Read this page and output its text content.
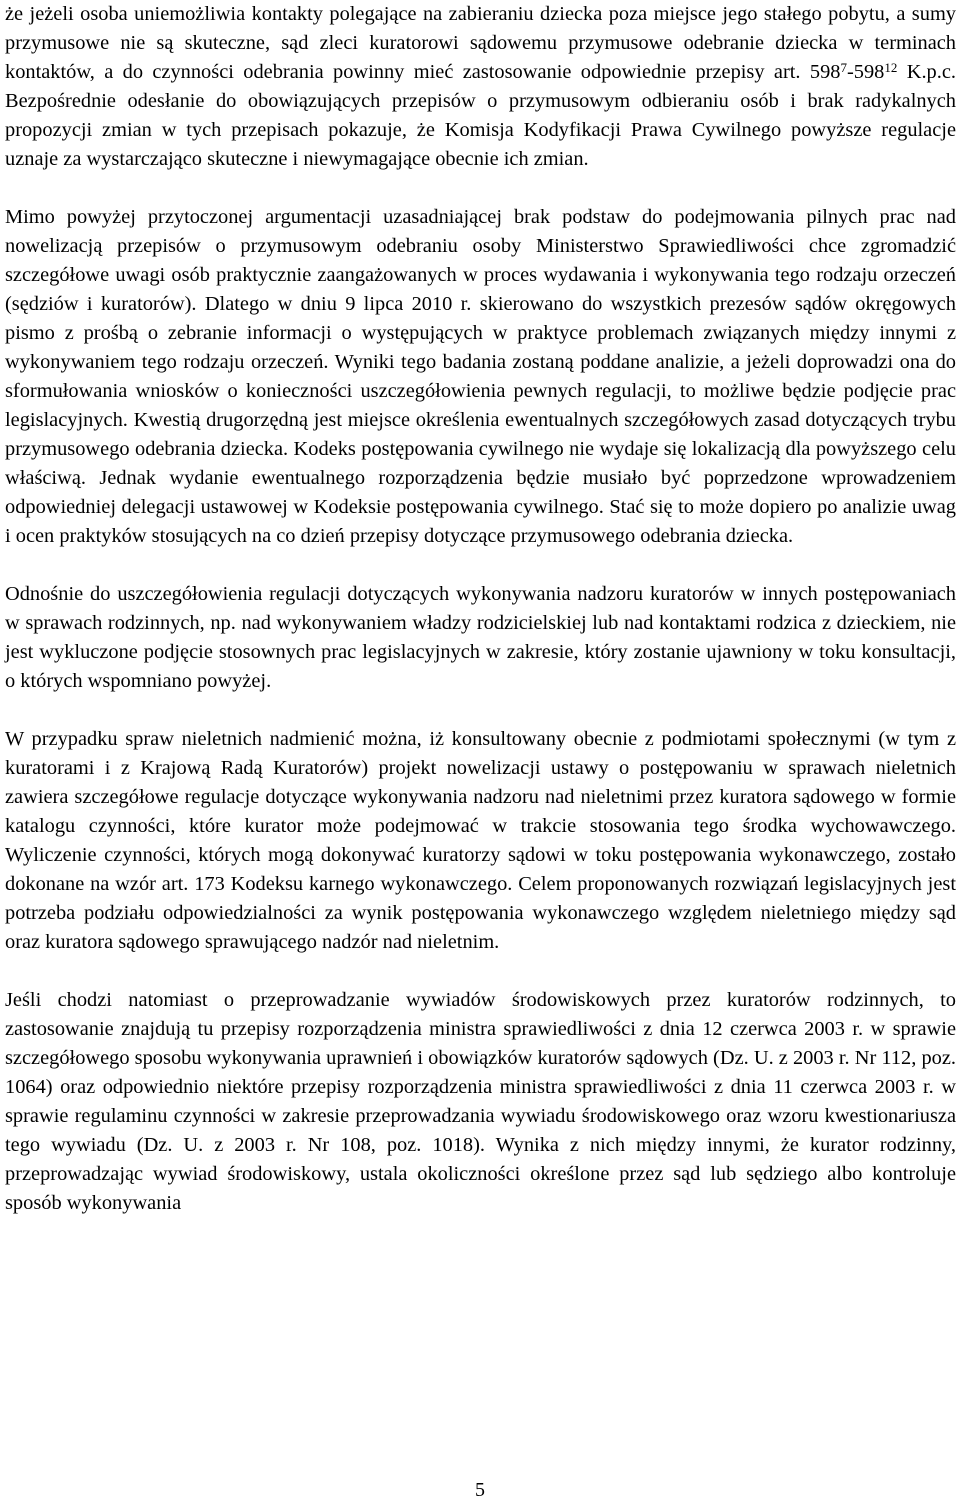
że jeżeli osoba uniemożliwia kontakty polegające na zabieraniu dziecka poza miejsce jego stałego pobytu, a sumy przymusowe nie są skuteczne, sąd zleci kuratorowi sądowemu przymusowe odebranie dziecka w terminach kontaktów, a do czynności odebrania powinny mieć zastosowanie odpowiednie przepisy art. $598^7-598^{12}$ K.p.c. Bezpośrednie odesłanie do obowiązujących przepisów o przymusowym odbieraniu osób i brak radykalnych propozycji zmian w tych przepisach pokazuje, że Komisja Kodyfikacji Prawa Cywilnego powyższe regulacje uznaje za wystarczająco skuteczne i niewymagające obecnie ich zmian.

Mimo powyżej przytoczonej argumentacji uzasadniającej brak podstaw do podejmowania pilnych prac nad nowelizacją przepisów o przymusowym odebraniu osoby Ministerstwo Sprawiedliwości chce zgromadzić szczegółowe uwagi osób praktycznie zaangażowanych w proces wydawania i wykonywania tego rodzaju orzeczeń (sędziów i kuratorów). Dlatego w dniu 9 lipca 2010 r. skierowano do wszystkich prezesów sądów okręgowych pismo z prośbą o zebranie informacji o występujących w praktyce problemach związanych między innymi z wykonywaniem tego rodzaju orzeczeń. Wyniki tego badania zostaną poddane analizie, a jeżeli doprowadzi ona do sformułowania wniosków o konieczności uszczegółowienia pewnych regulacji, to możliwe będzie podjęcie prac legislacyjnych. Kwestią drugorzędną jest miejsce określenia ewentualnych szczegółowych zasad dotyczących trybu przymusowego odebrania dziecka. Kodeks postępowania cywilnego nie wydaje się lokalizacją dla powyższego celu właściwą. Jednak wydanie ewentualnego rozporządzenia będzie musiało być poprzedzone wprowadzeniem odpowiedniej delegacji ustawowej w Kodeksie postępowania cywilnego. Stać się to może dopiero po analizie uwag i ocen praktyków stosujących na co dzień przepisy dotyczące przymusowego odebrania dziecka.

Odnośnie do uszczegółowienia regulacji dotyczących wykonywania nadzoru kuratorów w innych postępowaniach w sprawach rodzinnych, np. nad wykonywaniem władzy rodzicielskiej lub nad kontaktami rodzica z dzieckiem, nie jest wykluczone podjęcie stosownych prac legislacyjnych w zakresie, który zostanie ujawniony w toku konsultacji, o których wspomniano powyżej.

W przypadku spraw nieletnich nadmienić można, iż konsultowany obecnie z podmiotami społecznymi (w tym z kuratorami i z Krajową Radą Kuratorów) projekt nowelizacji ustawy o postępowaniu w sprawach nieletnich zawiera szczegółowe regulacje dotyczące wykonywania nadzoru nad nieletnimi przez kuratora sądowego w formie katalogu czynności, które kurator może podejmować w trakcie stosowania tego środka wychowawczego. Wyliczenie czynności, których mogą dokonywać kuratorzy sądowi w toku postępowania wykonawczego, zostało dokonane na wzór art. 173 Kodeksu karnego wykonawczego. Celem proponowanych rozwiązań legislacyjnych jest potrzeba podziału odpowiedzialności za wynik postępowania wykonawczego względem nieletniego między sąd oraz kuratora sądowego sprawującego nadzór nad nieletnim.

Jeśli chodzi natomiast o przeprowadzanie wywiadów środowiskowych przez kuratorów rodzinnych, to zastosowanie znajdują tu przepisy rozporządzenia ministra sprawiedliwości z dnia 12 czerwca 2003 r. w sprawie szczegółowego sposobu wykonywania uprawnień i obowiązków kuratorów sądowych (Dz. U. z 2003 r. Nr 112, poz. 1064) oraz odpowiednio niektóre przepisy rozporządzenia ministra sprawiedliwości z dnia 11 czerwca 2003 r. w sprawie regulaminu czynności w zakresie przeprowadzania wywiadu środowiskowego oraz wzoru kwestionariusza tego wywiadu (Dz. U. z 2003 r. Nr 108, poz. 1018). Wynika z nich między innymi, że kurator rodzinny, przeprowadzając wywiad środowiskowy, ustala okoliczności określone przez sąd lub sędziego albo kontroluje sposób wykonywania

5
